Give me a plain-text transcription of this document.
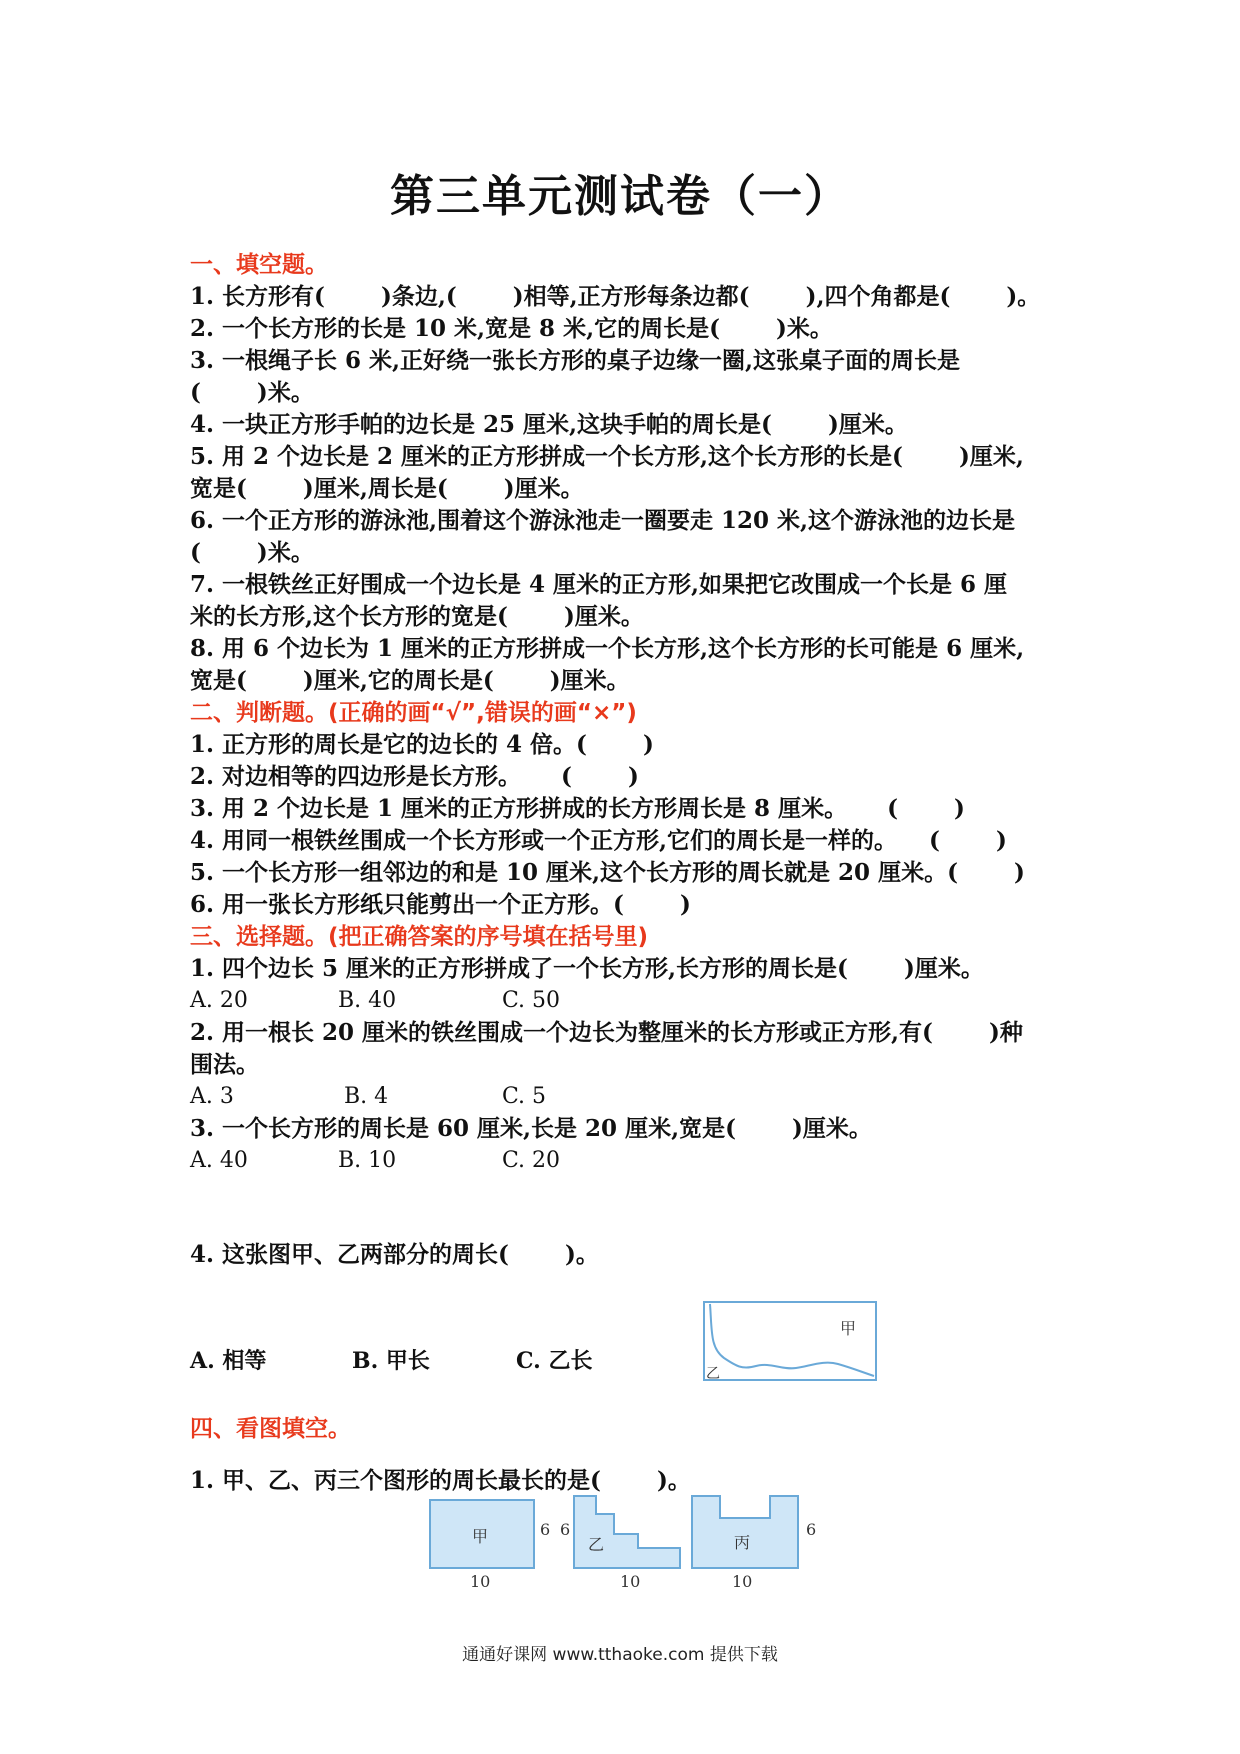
第三单元测试卷（一）
一、填空题。
1. 长方形有(       )条边,(       )相等,正方形每条边都(       ),四个角都是(       )。
2. 一个长方形的长是 10 米,宽是 8 米,它的周长是(       )米。
3. 一根绳子长 6 米,正好绕一张长方形的桌子边缘一圈,这张桌子面的周长是
(       )米。
4. 一块正方形手帕的边长是 25 厘米,这块手帕的周长是(       )厘米。
5. 用 2 个边长是 2 厘米的正方形拼成一个长方形,这个长方形的长是(       )厘米,
宽是(       )厘米,周长是(       )厘米。
6. 一个正方形的游泳池,围着这个游泳池走一圈要走 120 米,这个游泳池的边长是
(       )米。
7. 一根铁丝正好围成一个边长是 4 厘米的正方形,如果把它改围成一个长是 6 厘
米的长方形,这个长方形的宽是(       )厘米。
8. 用 6 个边长为 1 厘米的正方形拼成一个长方形,这个长方形的长可能是 6 厘米,
宽是(       )厘米,它的周长是(       )厘米。
二、判断题。(正确的画“√”,错误的画“×”)
1. 正方形的周长是它的边长的 4 倍。(       )
2. 对边相等的四边形是长方形。     (       )
3. 用 2 个边长是 1 厘米的正方形拼成的长方形周长是 8 厘米。     (       )
4. 用同一根铁丝围成一个长方形或一个正方形,它们的周长是一样的。    (       )
5. 一个长方形一组邻边的和是 10 厘米,这个长方形的周长就是 20 厘米。(       )
6. 用一张长方形纸只能剪出一个正方形。(       )
三、选择题。(把正确答案的序号填在括号里)
1. 四个边长 5 厘米的正方形拼成了一个长方形,长方形的周长是(       )厘米。
A. 20	B. 40	C. 50
2. 用一根长 20 厘米的铁丝围成一个边长为整厘米的长方形或正方形,有(       )种
围法。
A. 3	B. 4	C. 5
3. 一个长方形的周长是 60 厘米,长是 20 厘米,宽是(       )厘米。
A. 40	B. 10	C. 20
4. 这张图甲、乙两部分的周长(       )。
A. 相等	B. 甲长	C. 乙长
甲
乙
四、看图填空。
1. 甲、乙、丙三个图形的周长最长的是(       )。
甲	6
10
乙
6
10
丙
6
10
通通好课网 www.tthaoke.com 提供下载
